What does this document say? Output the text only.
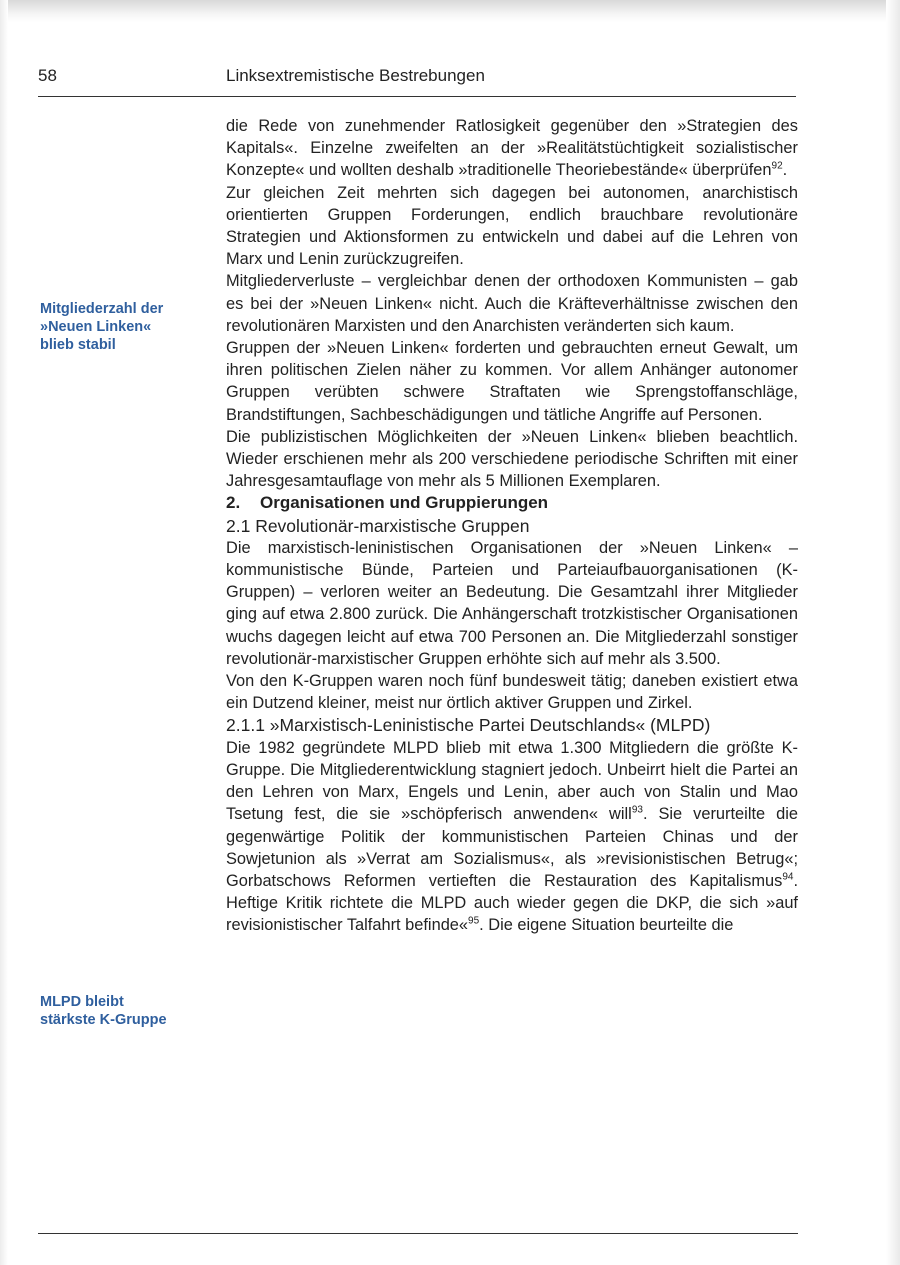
58	Linksextremistische Bestrebungen
Mitgliederzahl der
»Neuen Linken«
blieb stabil
MLPD bleibt
stärkste K-Gruppe

die Rede von zunehmender Ratlosigkeit gegenüber den »Strategien des Kapitals«. Einzelne zweifelten an der »Realitätstüchtigkeit sozialistischer Konzepte« und wollten deshalb »traditionelle Theoriebestände« überprüfen$^{92}$.

Zur gleichen Zeit mehrten sich dagegen bei autonomen, anarchistisch orientierten Gruppen Forderungen, endlich brauchbare revolutionäre Strategien und Aktionsformen zu entwickeln und dabei auf die Lehren von Marx und Lenin zurückzugreifen.

Mitgliederverluste – vergleichbar denen der orthodoxen Kommunisten – gab es bei der »Neuen Linken« nicht. Auch die Kräfteverhältnisse zwischen den revolutionären Marxisten und den Anarchisten veränderten sich kaum.

Gruppen der »Neuen Linken« forderten und gebrauchten erneut Gewalt, um ihren politischen Zielen näher zu kommen. Vor allem Anhänger autonomer Gruppen verübten schwere Straftaten wie Sprengstoffanschläge, Brandstiftungen, Sachbeschädigungen und tätliche Angriffe auf Personen.

Die publizistischen Möglichkeiten der »Neuen Linken« blieben beachtlich. Wieder erschienen mehr als 200 verschiedene periodische Schriften mit einer Jahresgesamtauflage von mehr als 5 Millionen Exemplaren.

2. Organisationen und Gruppierungen

2.1 Revolutionär-marxistische Gruppen

Die marxistisch-leninistischen Organisationen der »Neuen Linken« – kommunistische Bünde, Parteien und Parteiaufbauorganisationen (K-Gruppen) – verloren weiter an Bedeutung. Die Gesamtzahl ihrer Mitglieder ging auf etwa 2.800 zurück. Die Anhängerschaft trotzkistischer Organisationen wuchs dagegen leicht auf etwa 700 Personen an. Die Mitgliederzahl sonstiger revolutionär-marxistischer Gruppen erhöhte sich auf mehr als 3.500.

Von den K-Gruppen waren noch fünf bundesweit tätig; daneben existiert etwa ein Dutzend kleiner, meist nur örtlich aktiver Gruppen und Zirkel.

2.1.1 »Marxistisch-Leninistische Partei Deutschlands« (MLPD)

Die 1982 gegründete MLPD blieb mit etwa 1.300 Mitgliedern die größte K-Gruppe. Die Mitgliederentwicklung stagniert jedoch. Unbeirrt hielt die Partei an den Lehren von Marx, Engels und Lenin, aber auch von Stalin und Mao Tsetung fest, die sie »schöpferisch anwenden« will$^{93}$. Sie verurteilte die gegenwärtige Politik der kommunistischen Parteien Chinas und der Sowjetunion als »Verrat am Sozialismus«, als »revisionistischen Betrug«; Gorbatschows Reformen vertieften die Restauration des Kapitalismus$^{94}$. Heftige Kritik richtete die MLPD auch wieder gegen die DKP, die sich »auf revisionistischer Talfahrt befinde«$^{95}$. Die eigene Situation beurteilte die
